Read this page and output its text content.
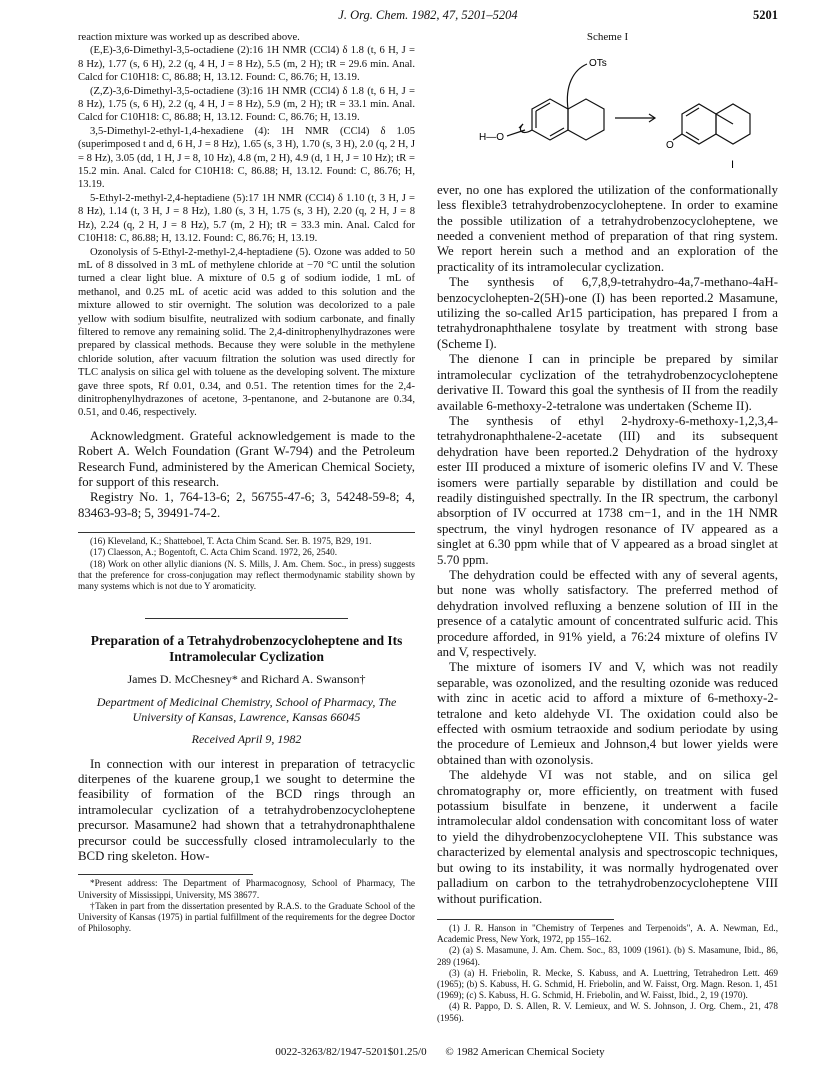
J. Org. Chem. 1982, 47, 5201–5204	5201

reaction mixture was worked up as described above.

(E,E)-3,6-Dimethyl-3,5-octadiene (2):16 1H NMR (CCl4) δ 1.8 (t, 6 H, J = 8 Hz), 1.77 (s, 6 H), 2.2 (q, 4 H, J = 8 Hz), 5.5 (m, 2 H); tR = 29.6 min. Anal. Calcd for C10H18: C, 86.88; H, 13.12. Found: C, 86.76; H, 13.19.

(Z,Z)-3,6-Dimethyl-3,5-octadiene (3):16 1H NMR (CCl4) δ 1.8 (t, 6 H, J = 8 Hz), 1.75 (s, 6 H), 2.2 (q, 4 H, J = 8 Hz), 5.9 (m, 2 H); tR = 33.1 min. Anal. Calcd for C10H18: C, 86.88; H, 13.12. Found: C, 86.76; H, 13.19.

3,5-Dimethyl-2-ethyl-1,4-hexadiene (4): 1H NMR (CCl4) δ 1.05 (superimposed t and d, 6 H, J = 8 Hz), 1.65 (s, 3 H), 1.70 (s, 3 H), 2.0 (q, 2 H, J = 8 Hz), 3.05 (dd, 1 H, J = 8, 10 Hz), 4.8 (m, 2 H), 4.9 (d, 1 H, J = 10 Hz); tR = 15.2 min. Anal. Calcd for C10H18: C, 86.88; H, 13.12. Found: C, 86.76; H, 13.19.

5-Ethyl-2-methyl-2,4-heptadiene (5):17 1H NMR (CCl4) δ 1.10 (t, 3 H, J = 8 Hz), 1.14 (t, 3 H, J = 8 Hz), 1.80 (s, 3 H, 1.75 (s, 3 H), 2.20 (q, 2 H, J = 8 Hz), 2.24 (q, 2 H, J = 8 Hz), 5.7 (m, 2 H); tR = 33.3 min. Anal. Calcd for C10H18: C, 86.88; H, 13.12. Found: C, 86.76; H, 13.19.

Ozonolysis of 5-Ethyl-2-methyl-2,4-heptadiene (5). Ozone was added to 50 mL of 8 dissolved in 3 mL of methylene chloride at −70 °C until the solution turned a clear light blue. A mixture of 0.5 g of sodium iodide, 1 mL of methanol, and 0.25 mL of acetic acid was added to this solution and the mixture allowed to stir overnight. The solution was decolorized to a pale yellow with sodium bisulfite, neutralized with sodium carbonate, and finally filtered to remove any remaining solid. The 2,4-dinitrophenylhydrazones were prepared by classical methods. Because they were soluble in the methylene chloride solution, after vacuum filtration the solution was used directly for TLC analysis on silica gel with toluene as the developing solvent. The mixture gave three spots, Rf 0.01, 0.34, and 0.51. The retention times for the 2,4-dinitrophenylhydrazones of acetone, 3-pentanone, and 2-butanone are 0.34, 0.51, and 0.46, respectively.

Acknowledgment. Grateful acknowledgement is made to the Robert A. Welch Foundation (Grant W-794) and the Petroleum Research Fund, administered by the American Chemical Society, for support of this research.

Registry No. 1, 764-13-6; 2, 56755-47-6; 3, 54248-59-8; 4, 83463-93-8; 5, 39491-74-2.

(16) Kleveland, K.; Shatteboel, T. Acta Chim Scand. Ser. B. 1975, B29, 191.

(17) Claesson, A.; Bogentoft, C. Acta Chim Scand. 1972, 26, 2540.

(18) Work on other allylic dianions (N. S. Mills, J. Am. Chem. Soc., in press) suggests that the preference for cross-conjugation may reflect thermodynamic stability shown by many systems which is not due to Y aromaticity.

Preparation of a Tetrahydrobenzocycloheptene and Its Intramolecular Cyclization

James D. McChesney* and Richard A. Swanson†

Department of Medicinal Chemistry, School of Pharmacy, The University of Kansas, Lawrence, Kansas 66045

Received April 9, 1982

In connection with our interest in preparation of tetracyclic diterpenes of the kuarene group,1 we sought to determine the feasibility of formation of the BCD rings through an intramolecular cyclization of a tetrahydrobenzocycloheptene precursor. Masamune2 had shown that a tetrahydronaphthalene precursor could be successfully closed intramolecularly to the BCD ring skeleton. How-

*Present address: The Department of Pharmacognosy, School of Pharmacy, The University of Mississippi, University, MS 38677.

†Taken in part from the dissertation presented by R.A.S. to the Graduate School of the University of Kansas (1975) in partial fulfillment of the requirements for the degree Doctor of Philosophy.

Scheme I

OTs
H—O
O
I

ever, no one has explored the utilization of the conformationally less flexible3 tetrahydrobenzocycloheptene. In order to examine the possible utilization of a tetrahydrobenzocycloheptene, we needed a convenient method of preparation of that ring system. We report herein such a method and an exploration of the practicality of its intramolecular cyclization.

The synthesis of 6,7,8,9-tetrahydro-4a,7-methano-4aH-benzocyclohepten-2(5H)-one (I) has been reported.2 Masamune, utilizing the so-called Ar15 participation, has prepared I from a tetrahydronaphthalene tosylate by treatment with strong base (Scheme I).

The dienone I can in principle be prepared by similar intramolecular cyclization of the tetrahydrobenzocycloheptene derivative II. Toward this goal the synthesis of II from the readily available 6-methoxy-2-tetralone was undertaken (Scheme II).

The synthesis of ethyl 2-hydroxy-6-methoxy-1,2,3,4-tetrahydronaphthalene-2-acetate (III) and its subsequent dehydration have been reported.2 Dehydration of the hydroxy ester III produced a mixture of isomeric olefins IV and V. These isomers were partially separable by distillation and could be readily distinguished spectrally. In the IR spectrum, the carbonyl absorption of IV occurred at 1738 cm−1, and in the 1H NMR spectrum, the vinyl hydrogen resonance of IV appeared as a singlet at 6.30 ppm while that of V appeared as a broad singlet at 5.70 ppm.

The dehydration could be effected with any of several agents, but none was wholly satisfactory. The preferred method of dehydration involved refluxing a benzene solution of III in the presence of a catalytic amount of concentrated sulfuric acid. This procedure afforded, in 91% yield, a 76:24 mixture of olefins IV and V, respectively.

The mixture of isomers IV and V, which was not readily separable, was ozonolized, and the resulting ozonide was reduced with zinc in acetic acid to afford a mixture of 6-methoxy-2-tetralone and keto aldehyde VI. The oxidation could also be effected with osmium tetraoxide and sodium periodate by using the procedure of Lemieux and Johnson,4 but lower yields were obtained than with ozonolysis.

The aldehyde VI was not stable, and on silica gel chromatography or, more efficiently, on treatment with fused potassium bisulfate in benzene, it underwent a facile intramolecular aldol condensation with concomitant loss of water to yield the dihydrobenzocycloheptene VII. This substance was characterized by elemental analysis and spectroscopic techniques, but owing to its instability, it was normally hydrogenated over palladium on carbon to the tetrahydrobenzocycloheptene VIII without purification.

(1) J. R. Hanson in "Chemistry of Terpenes and Terpenoids", A. A. Newman, Ed., Academic Press, New York, 1972, pp 155–162.

(2) (a) S. Masamune, J. Am. Chem. Soc., 83, 1009 (1961). (b) S. Masamune, Ibid., 86, 289 (1964).

(3) (a) H. Friebolin, R. Mecke, S. Kabuss, and A. Luettring, Tetrahedron Lett. 469 (1965); (b) S. Kabuss, H. G. Schmid, H. Friebolin, and W. Faisst, Org. Magn. Reson. 1, 451 (1969); (c) S. Kabuss, H. G. Schmid, H. Friebolin, and W. Faisst, Ibid., 2, 19 (1970).

(4) R. Pappo, D. S. Allen, R. V. Lemieux, and W. S. Johnson, J. Org. Chem., 21, 478 (1956).

0022-3263/82/1947-5201$01.25/0 © 1982 American Chemical Society
